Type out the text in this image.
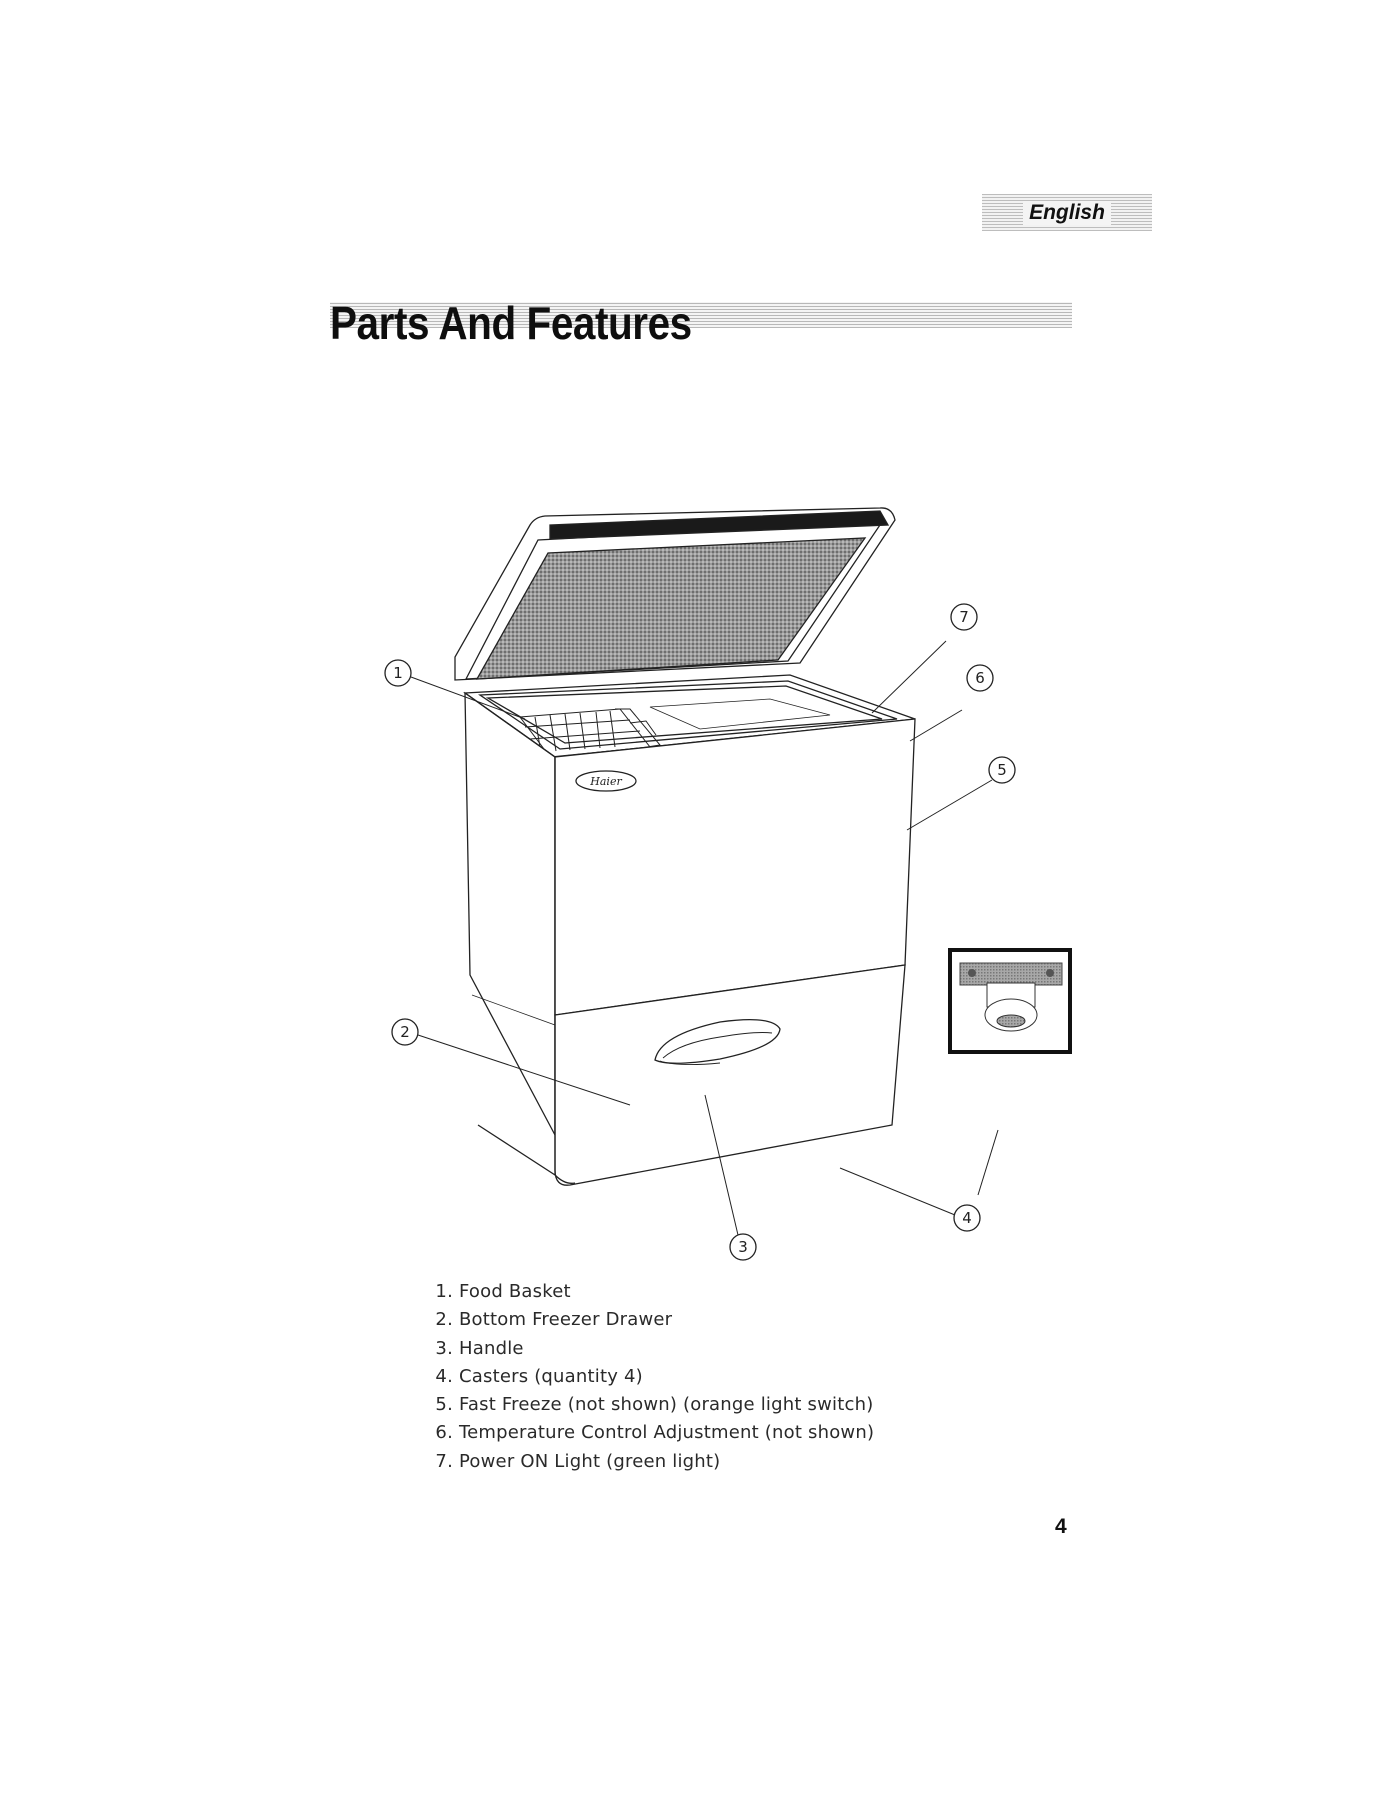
English
Parts And Features
Haier
1
2
3
4
5
6
7
1. Food Basket
2. Bottom Freezer Drawer
3. Handle
4. Casters (quantity 4)
5. Fast Freeze (not shown) (orange light switch)
6. Temperature Control Adjustment (not shown)
7. Power ON Light (green light)
4
